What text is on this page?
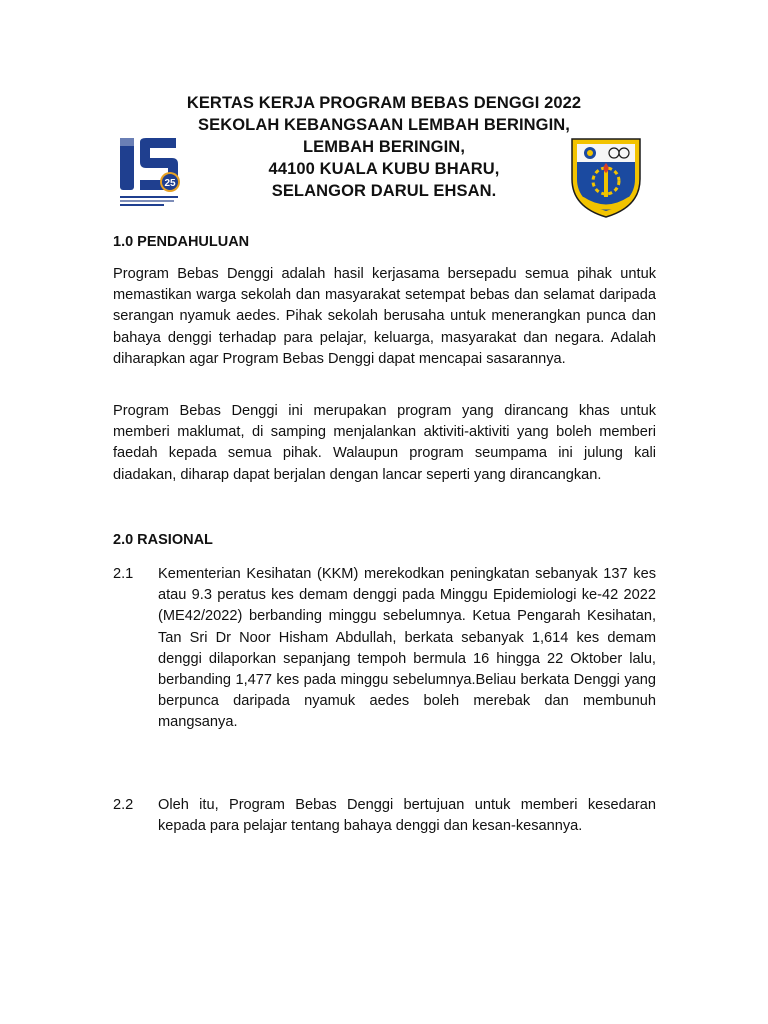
25
KERTAS KERJA PROGRAM BEBAS DENGGI 2022
SEKOLAH KEBANGSAAN LEMBAH BERINGIN,
LEMBAH BERINGIN,
44100 KUALA KUBU BHARU,
SELANGOR DARUL EHSAN.
1.0 PENDAHULUAN
Program Bebas Denggi adalah hasil kerjasama bersepadu semua pihak untuk memastikan warga sekolah dan masyarakat setempat bebas dan selamat daripada serangan nyamuk aedes. Pihak sekolah berusaha untuk menerangkan punca dan bahaya denggi terhadap para pelajar, keluarga, masyarakat dan negara. Adalah diharapkan agar Program Bebas Denggi dapat mencapai sasarannya.
Program Bebas Denggi ini merupakan program yang dirancang khas untuk memberi maklumat, di samping menjalankan aktiviti-aktiviti yang boleh memberi faedah kepada semua pihak. Walaupun program seumpama ini julung kali diadakan, diharap dapat berjalan dengan lancar seperti yang dirancangkan.
2.0 RASIONAL
2.1 Kementerian Kesihatan (KKM) merekodkan peningkatan sebanyak 137 kes atau 9.3 peratus kes demam denggi pada Minggu Epidemiologi ke-42 2022 (ME42/2022) berbanding minggu sebelumnya. Ketua Pengarah Kesihatan, Tan Sri Dr Noor Hisham Abdullah, berkata sebanyak 1,614 kes demam denggi dilaporkan sepanjang tempoh bermula 16 hingga 22 Oktober lalu, berbanding 1,477 kes pada minggu sebelumnya.Beliau berkata Denggi yang berpunca daripada nyamuk aedes boleh merebak dan membunuh mangsanya.
2.2 Oleh itu, Program Bebas Denggi bertujuan untuk memberi kesedaran kepada para pelajar tentang bahaya denggi dan kesan-kesannya.
